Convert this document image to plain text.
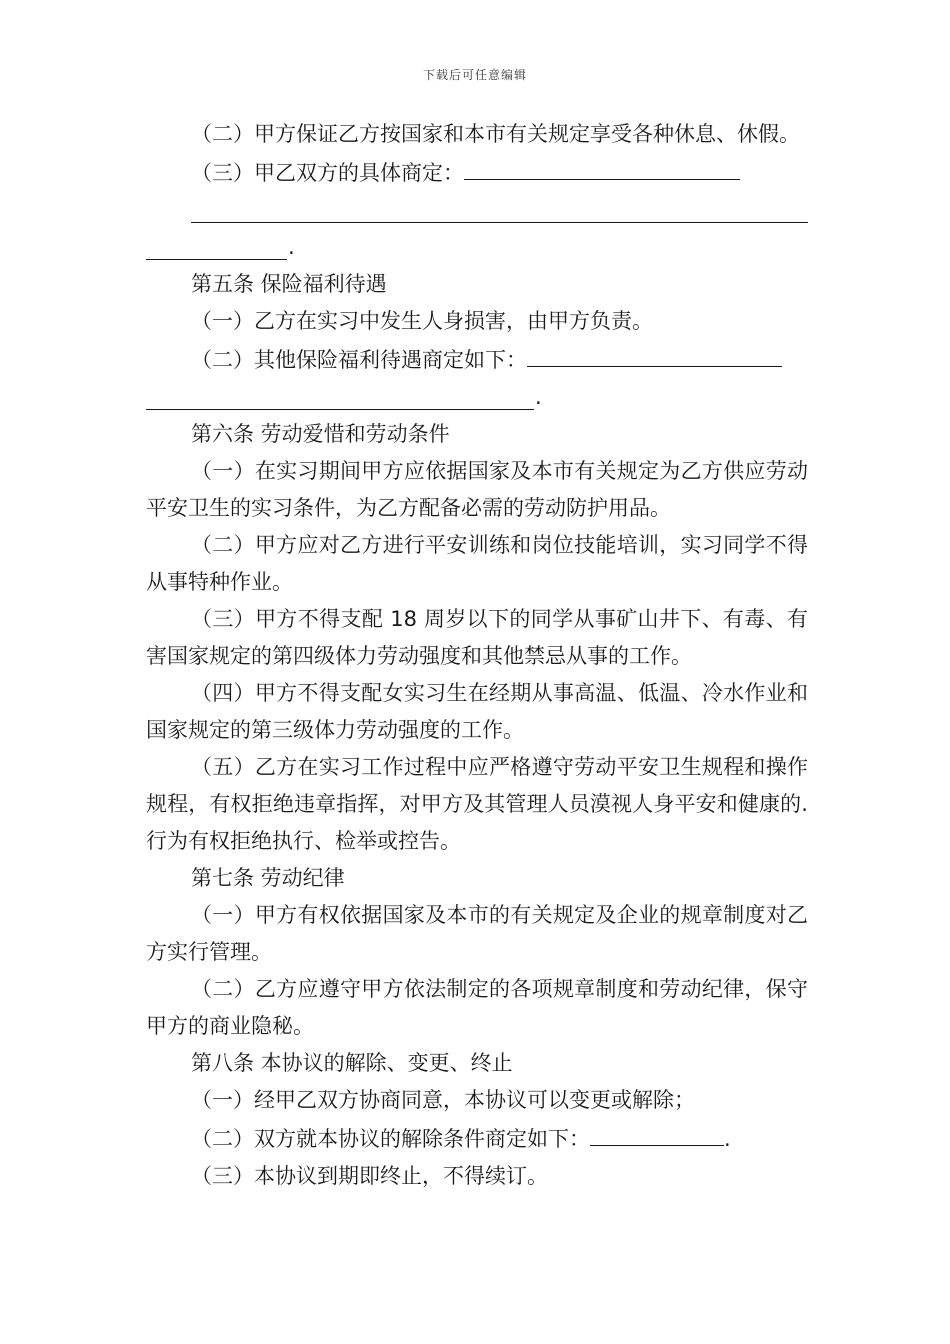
下载后可任意编辑

（二）甲方保证乙方按国家和本市有关规定享受各种休息、休假。

（三）甲乙双方的具体商定：

.

第五条 保险福利待遇

（一）乙方在实习中发生人身损害，由甲方负责。

（二）其他保险福利待遇商定如下：

.

第六条 劳动爱惜和劳动条件

（一）在实习期间甲方应依据国家及本市有关规定为乙方供应劳动平安卫生的实习条件，为乙方配备必需的劳动防护用品。

（二）甲方应对乙方进行平安训练和岗位技能培训，实习同学不得从事特种作业。

（三）甲方不得支配 18 周岁以下的同学从事矿山井下、有毒、有害国家规定的第四级体力劳动强度和其他禁忌从事的工作。

（四）甲方不得支配女实习生在经期从事高温、低温、冷水作业和国家规定的第三级体力劳动强度的工作。

（五）乙方在实习工作过程中应严格遵守劳动平安卫生规程和操作规程，有权拒绝违章指挥，对甲方及其管理人员漠视人身平安和健康的.行为有权拒绝执行、检举或控告。

第七条 劳动纪律

（一）甲方有权依据国家及本市的有关规定及企业的规章制度对乙方实行管理。

（二）乙方应遵守甲方依法制定的各项规章制度和劳动纪律，保守甲方的商业隐秘。

第八条 本协议的解除、变更、终止

（一）经甲乙双方协商同意，本协议可以变更或解除；

（二）双方就本协议的解除条件商定如下：	.

（三）本协议到期即终止，不得续订。
